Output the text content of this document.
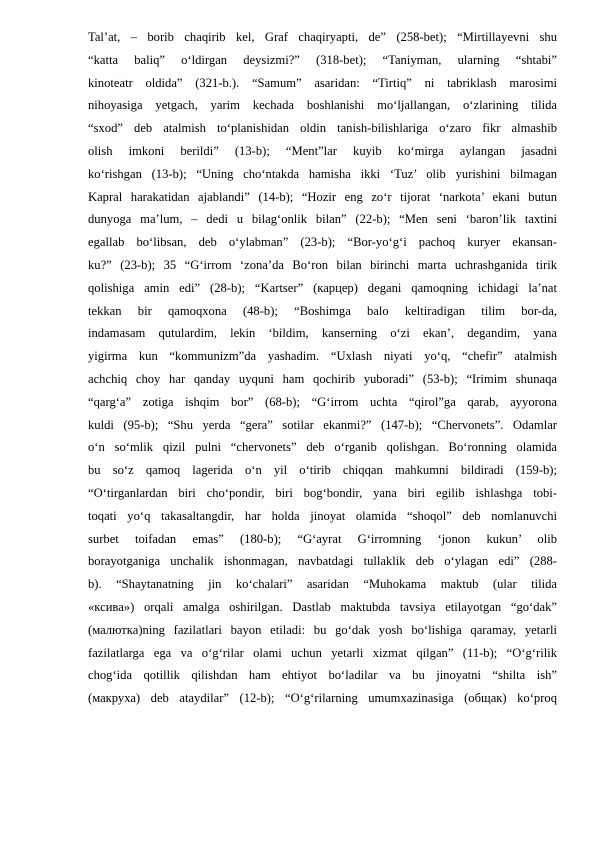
Tal’at, – borib chaqirib kel, Graf chaqiryapti, de” (258-bet); “Mirtillayevni shu
“katta baliq” o‘ldirgan deysizmi?” (318-bet); “Taniyman, ularning “shtabi”
kinoteatr oldida” (321-b.). “Samum” asaridan: “Tirtiq” ni tabriklash marosimi
nihoyasiga yetgach, yarim kechada boshlanishi mo‘ljallangan, o‘zlarining tilida
“sxod” deb atalmish to‘planishidan oldin tanish-bilishlariga o‘zaro fikr almashib
olish imkoni berildi” (13-b); “Ment”lar kuyib ko‘mirga aylangan jasadni
ko‘rishgan (13-b); “Uning cho‘ntakda hamisha ikki ‘Tuz’ olib yurishini bilmagan
Kapral harakatidan ajablandi” (14-b); “Hozir eng zo‘r tijorat ‘narkota’ ekani butun
dunyoga ma’lum, – dedi u bilag‘onlik bilan” (22-b); “Men seni ‘baron’lik taxtini
egallab bo‘libsan, deb o‘ylabman” (23-b); “Bor-yo‘g‘i pachoq kuryer ekansan-
ku?” (23-b); 35 “G‘irrom ‘zona’da Bo‘ron bilan birinchi marta uchrashganida tirik
qolishiga amin edi” (28-b); “Kartser” (карцер) degani qamoqning ichidagi la’nat
tekkan bir qamoqxona (48-b); “Boshimga balo keltiradigan tilim bor-da,
indamasam qutulardim, lekin ‘bildim, kanserning o‘zi ekan’, degandim, yana
yigirma kun “kommunizm”da yashadim. “Uxlash niyati yo‘q, “chefir” atalmish
achchiq choy har qanday uyquni ham qochirib yuboradi” (53-b); “Irimim shunaqa
“qarg‘a” zotiga ishqim bor” (68-b); “G‘irrom uchta “qirol”ga qarab, ayyorona
kuldi (95-b); “Shu yerda “gera” sotilar ekanmi?” (147-b); “Chervonets”. Odamlar
o‘n so‘mlik qizil pulni “chervonets” deb o‘rganib qolishgan. Bo‘ronning olamida
bu so‘z qamoq lagerida o‘n yil o‘tirib chiqqan mahkumni bildiradi (159-b);
“O‘tirganlardan biri cho‘pondir, biri bog‘bondir, yana biri egilib ishlashga tobi-
toqati yo‘q takasaltangdir, har holda jinoyat olamida “shoqol” deb nomlanuvchi
surbet toifadan emas” (180-b); “G‘ayrat G‘irromning ‘jonon kukun’ olib
borayotganiga unchalik ishonmagan, navbatdagi tullaklik deb o‘ylagan edi” (288-
b). “Shaytanatning jin ko‘chalari” asaridan “Muhokama maktub (ular tilida
«ксива») orqali amalga oshirilgan. Dastlab maktubda tavsiya etilayotgan “go‘dak”
(малютка)ning fazilatlari bayon etiladi: bu go‘dak yosh bo‘lishiga qaramay, yetarli
fazilatlarga ega va o‘g‘rilar olami uchun yetarli xizmat qilgan” (11-b); “O‘g‘rilik
chog‘ida qotillik qilishdan ham ehtiyot bo‘ladilar va bu jinoyatni “shilta ish”
(макруха) deb ataydilar” (12-b); “O‘g‘rilarning umumxazinasiga (общак) ko‘proq
